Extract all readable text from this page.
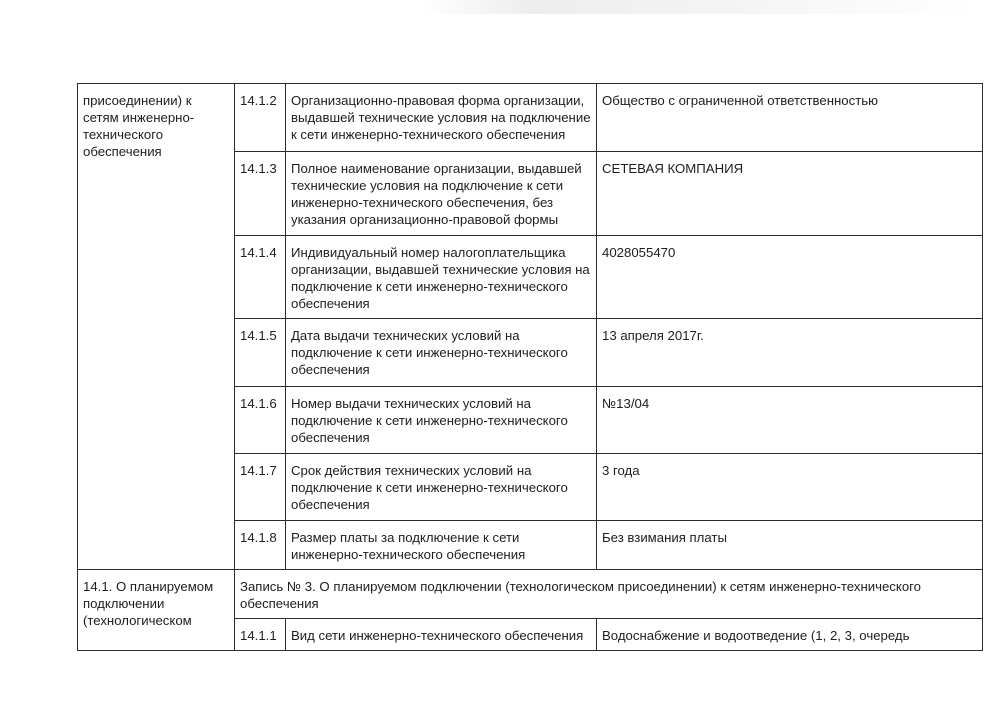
присоединении) к сетям инженерно-технического обеспечения	14.1.2	Организационно-правовая форма организации, выдавшей технические условия на подключение к сети инженерно-технического обеспечения	Общество с ограниченной ответственностью
	14.1.3	Полное наименование организации, выдавшей технические условия на подключение к сети инженерно-технического обеспечения, без указания организационно-правовой формы	СЕТЕВАЯ КОМПАНИЯ
	14.1.4	Индивидуальный номер налогоплательщика организации, выдавшей технические условия на подключение к сети инженерно-технического обеспечения	4028055470
	14.1.5	Дата выдачи технических условий на подключение к сети инженерно-технического обеспечения	13 апреля 2017г.
	14.1.6	Номер выдачи технических условий на подключение к сети инженерно-технического обеспечения	№13/04
	14.1.7	Срок действия технических условий на подключение к сети инженерно-технического обеспечения	3 года
	14.1.8	Размер платы за подключение к сети инженерно-технического обеспечения	Без взимания платы
14.1. О планируемом подключении (технологическом	Запись № 3. О планируемом подключении (технологическом присоединении) к сетям инженерно-технического обеспечения		
	14.1.1	Вид сети инженерно-технического обеспечения	Водоснабжение и водоотведение (1, 2, 3, очередь
